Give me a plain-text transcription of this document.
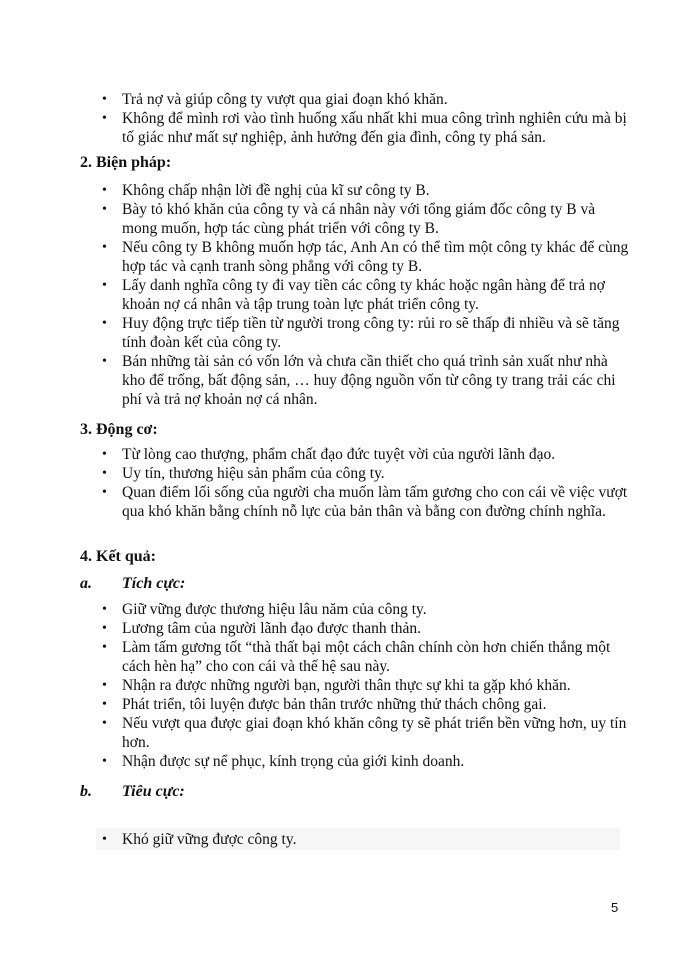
• Trả nợ và giúp công ty vượt qua giai đoạn khó khăn.
• Không để mình rơi vào tình huống xấu nhất khi mua công trình nghiên cứu mà bị tố giác như mất sự nghiệp, ảnh hưởng đến gia đình, công ty phá sản.
2. Biện pháp:
• Không chấp nhận lời đề nghị của kĩ sư công ty B.
• Bày tỏ khó khăn của công ty và cá nhân này với tổng giám đốc công ty B và mong muốn, hợp tác cùng phát triển với công ty B.
• Nếu công ty B không muốn hợp tác, Anh An có thể tìm một công ty khác để cùng hợp tác và cạnh tranh sòng phẳng với công ty B.
• Lấy danh nghĩa công ty đi vay tiền các công ty khác hoặc ngân hàng để trả nợ khoản nợ cá nhân và tập trung toàn lực phát triển công ty.
• Huy động trực tiếp tiền từ người trong công ty: rủi ro sẽ thấp đi nhiều và sẽ tăng tính đoàn kết của công ty.
• Bán những tài sản có vốn lớn và chưa cần thiết cho quá trình sản xuất như nhà kho để trống, bất động sản, … huy động nguồn vốn từ công ty trang trải các chi phí và trả nợ khoản nợ cá nhân.
3. Động cơ:
• Từ lòng cao thượng, phẩm chất đạo đức tuyệt vời của người lãnh đạo.
• Uy tín, thương hiệu sản phẩm của công ty.
• Quan điểm lối sống của người cha muốn làm tấm gương cho con cái về việc vượt qua khó khăn bằng chính nỗ lực của bản thân và bằng con đường chính nghĩa.
4. Kết quả:
a. Tích cực:
• Giữ vững được thương hiệu lâu năm của công ty.
• Lương tâm của người lãnh đạo được thanh thản.
• Làm tấm gương tốt “thà thất bại một cách chân chính còn hơn chiến thắng một cách hèn hạ” cho con cái và thế hệ sau này.
• Nhận ra được những người bạn, người thân thực sự khi ta gặp khó khăn.
• Phát triển, tôi luyện được bản thân trước những thử thách chông gai.
• Nếu vượt qua được giai đoạn khó khăn công ty sẽ phát triển bền vững hơn, uy tín hơn.
• Nhận được sự nể phục, kính trọng của giới kinh doanh.
b. Tiêu cực:
• Khó giữ vững được công ty.
5
